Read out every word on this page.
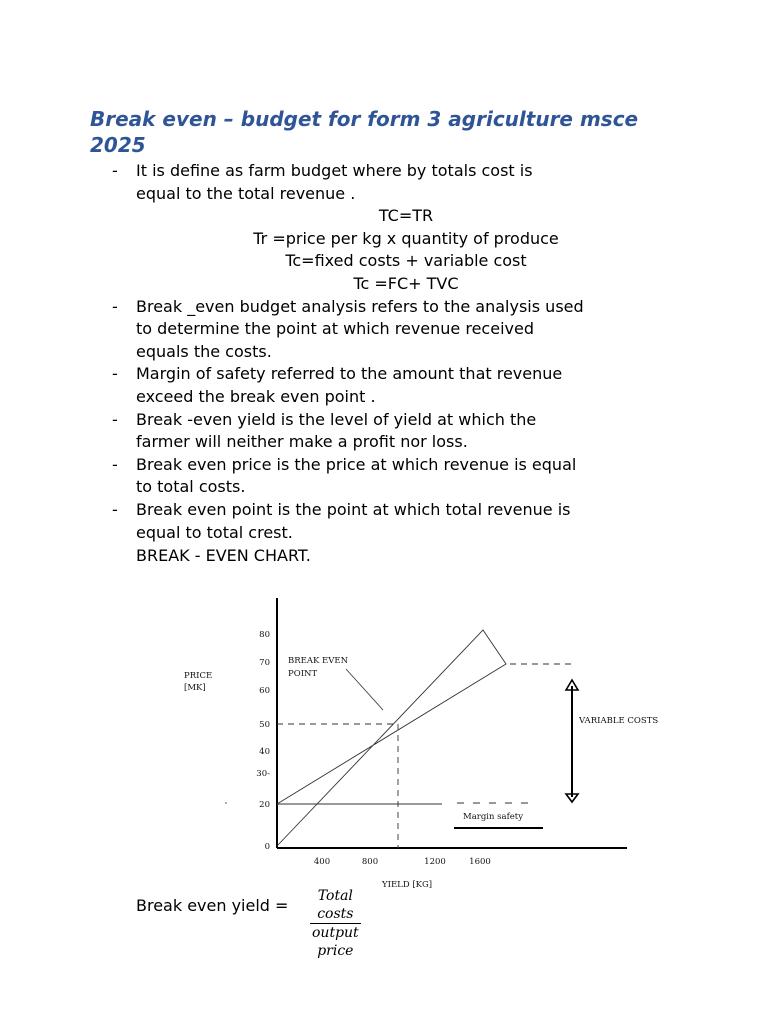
Break even – budget for form 3 agriculture msce 2025
- It is define as farm budget where by totals cost is
equal to the total revenue .
TC=TR
Tr =price per kg x quantity of produce
Tc=fixed costs + variable cost
Tc =FC+ TVC
- Break _even budget analysis refers to the analysis used
to determine the point at which revenue received
equals the costs.
- Margin of safety referred to the amount that revenue
exceed the break even point .
- Break -even yield is the level of yield at which the
farmer will neither make a profit nor loss.
- Break even price is the price at which revenue is equal
to total costs.
- Break even point is the point at which total revenue is
equal to total crest.
BREAK - EVEN CHART.
80
70
60
50
40
30-
20
0
400	800	1200	1600
PRICE [MK]
YIELD [KG]
BREAK EVEN
POINT
VARIABLE COSTS
Margin safety
Break even yield =	Total costs
output price
